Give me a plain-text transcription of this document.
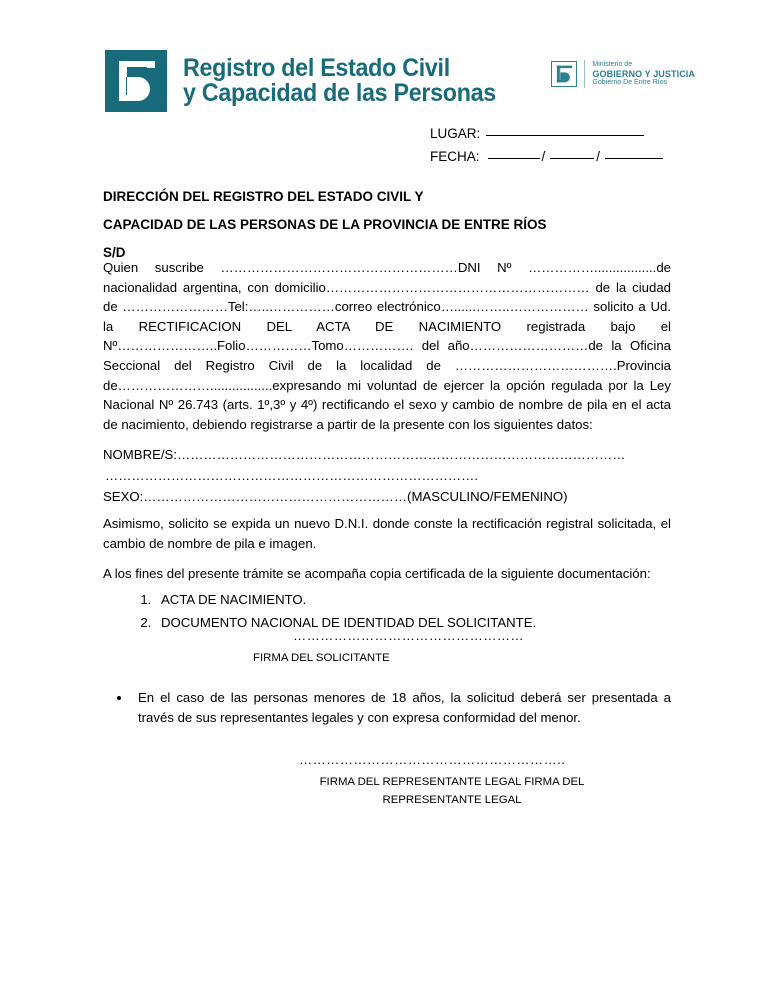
Registro del Estado Civil
y Capacidad de las Personas
Ministerio de
GOBIERNO Y JUSTICIA
Gobierno De Entre Ríos
LUGAR:
FECHA:	/	/
DIRECCIÓN DEL REGISTRO DEL ESTADO CIVIL Y
CAPACIDAD DE LAS PERSONAS DE LA PROVINCIA DE ENTRE RÍOS
S/D

Quien suscribe ………………………………………………DNI Nº …………….................de nacionalidad argentina, con domicilio…………………………………………………… de la ciudad de ……………………Tel:…..……………correo electrónico…......……..……………… solicito a Ud. la RECTIFICACION DEL ACTA DE NACIMIENTO registrada bajo el Nº…………………..Folio……………Tomo……………. del año………………………de la Oficina Seccional del Registro Civil de la localidad de ……………………………….Provincia de………………….................expresando mi voluntad de ejercer la opción regulada por la Ley Nacional Nº 26.743 (arts. 1º,3º y 4º) rectificando el sexo y cambio de nombre de pila en el acta de nacimiento, debiendo registrarse a partir de la presente con los siguientes datos:

NOMBRE/S:…………………………………………………………………………………………
………………………………………………………………………….
SEXO:……………………………………………………(MASCULINO/FEMENINO)

Asimismo, solicito se expida un nuevo D.N.I. donde conste la rectificación registral solicitada, el cambio de nombre de pila e imagen.

A los fines del presente trámite se acompaña copia certificada de la siguiente documentación:

1. ACTA DE NACIMIENTO.
2. DOCUMENTO NACIONAL DE IDENTIDAD DEL SOLICITANTE.
……………………………………………
FIRMA DEL SOLICITANTE
• En el caso de las personas menores de 18 años, la solicitud deberá ser presentada a través de sus representantes legales y con expresa conformidad del menor.
…………………………………………………..
FIRMA DEL REPRESENTANTE LEGAL FIRMA DEL
REPRESENTANTE LEGAL
